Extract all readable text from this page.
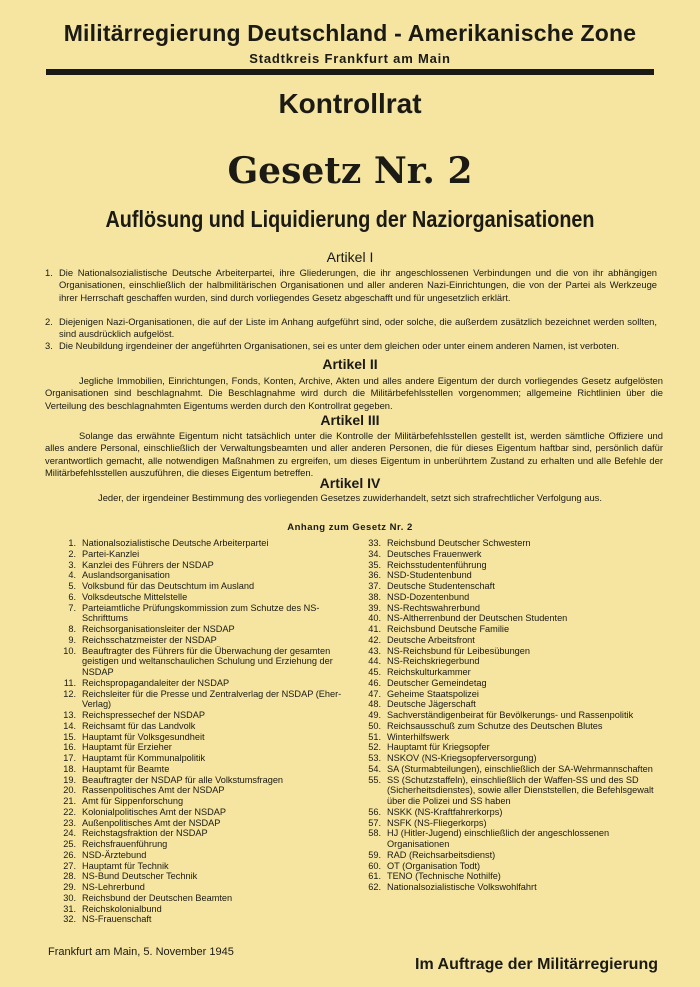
Militärregierung Deutschland - Amerikanische Zone
Stadtkreis Frankfurt am Main
Kontrollrat
Gesetz Nr. 2
Auflösung und Liquidierung der Naziorganisationen
Artikel I
1. Die Nationalsozialistische Deutsche Arbeiterpartei, ihre Gliederungen, die ihr angeschlossenen Verbindungen und die von ihr abhängigen Organisationen, einschließlich der halbmilitärischen Organisationen und aller anderen Nazi-Einrichtungen, die von der Partei als Werkzeuge ihrer Herrschaft geschaffen wurden, sind durch vorliegendes Gesetz abgeschafft und für ungesetzlich erklärt.
2. Diejenigen Nazi-Organisationen, die auf der Liste im Anhang aufgeführt sind, oder solche, die außerdem zusätzlich bezeichnet werden sollten, sind ausdrücklich aufgelöst.
3. Die Neubildung irgendeiner der angeführten Organisationen, sei es unter dem gleichen oder unter einem anderen Namen, ist verboten.
Artikel II
Jegliche Immobilien, Einrichtungen, Fonds, Konten, Archive, Akten und alles andere Eigentum der durch vorliegendes Gesetz aufgelösten Organisationen sind beschlagnahmt. Die Beschlagnahme wird durch die Militärbefehlsstellen vorgenommen; allgemeine Richtlinien über die Verteilung des beschlagnahmten Eigentums werden durch den Kontrollrat gegeben.
Artikel III
Solange das erwähnte Eigentum nicht tatsächlich unter die Kontrolle der Militärbefehlsstellen gestellt ist, werden sämtliche Offiziere und alles andere Personal, einschließlich der Verwaltungsbeamten und aller anderen Personen, die für dieses Eigentum haftbar sind, persönlich dafür verantwortlich gemacht, alle notwendigen Maßnahmen zu ergreifen, um dieses Eigentum in unberührtem Zustand zu erhalten und alle Befehle der Militärbefehlsstellen auszuführen, die dieses Eigentum betreffen.
Artikel IV
Jeder, der irgendeiner Bestimmung des vorliegenden Gesetzes zuwiderhandelt, setzt sich strafrechtlicher Verfolgung aus.
Anhang zum Gesetz Nr. 2
1. Nationalsozialistische Deutsche Arbeiterpartei
2. Partei-Kanzlei
3. Kanzlei des Führers der NSDAP
4. Auslandsorganisation
5. Volksbund für das Deutschtum im Ausland
6. Volksdeutsche Mittelstelle
7. Parteiamtliche Prüfungskommission zum Schutze des NS-Schrifttums
8. Reichsorganisationsleiter der NSDAP
9. Reichsschatzmeister der NSDAP
10. Beauftragter des Führers für die Überwachung der gesamten geistigen und weltanschaulichen Schulung und Erziehung der NSDAP
11. Reichspropagandaleiter der NSDAP
12. Reichsleiter für die Presse und Zentralverlag der NSDAP (Eher-Verlag)
13. Reichspressechef der NSDAP
14. Reichsamt für das Landvolk
15. Hauptamt für Volksgesundheit
16. Hauptamt für Erzieher
17. Hauptamt für Kommunalpolitik
18. Hauptamt für Beamte
19. Beauftragter der NSDAP für alle Volkstumsfragen
20. Rassenpolitisches Amt der NSDAP
21. Amt für Sippenforschung
22. Kolonialpolitisches Amt der NSDAP
23. Außenpolitisches Amt der NSDAP
24. Reichstagsfraktion der NSDAP
25. Reichsfrauenführung
26. NSD-Ärztebund
27. Hauptamt für Technik
28. NS-Bund Deutscher Technik
29. NS-Lehrerbund
30. Reichsbund der Deutschen Beamten
31. Reichskolonialbund
32. NS-Frauenschaft
33. Reichsbund Deutscher Schwestern
34. Deutsches Frauenwerk
35. Reichsstudentenführung
36. NSD-Studentenbund
37. Deutsche Studentenschaft
38. NSD-Dozentenbund
39. NS-Rechtswahrerbund
40. NS-Altherrenbund der Deutschen Studenten
41. Reichsbund Deutsche Familie
42. Deutsche Arbeitsfront
43. NS-Reichsbund für Leibesübungen
44. NS-Reichskriegerbund
45. Reichskulturkammer
46. Deutscher Gemeindetag
47. Geheime Staatspolizei
48. Deutsche Jägerschaft
49. Sachverständigenbeirat für Bevölkerungs- und Rassenpolitik
50. Reichsausschuß zum Schutze des Deutschen Blutes
51. Winterhilfswerk
52. Hauptamt für Kriegsopfer
53. NSKOV (NS-Kriegsopferversorgung)
54. SA (Sturmabteilungen), einschließlich der SA-Wehrmannschaften
55. SS (Schutzstaffeln), einschließlich der Waffen-SS und des SD (Sicherheitsdienstes), sowie aller Dienststellen, die Befehlsgewalt über die Polizei und SS haben
56. NSKK (NS-Kraftfahrerkorps)
57. NSFK (NS-Fliegerkorps)
58. HJ (Hitler-Jugend) einschließlich der angeschlossenen Organisationen
59. RAD (Reichsarbeitsdienst)
60. OT (Organisation Todt)
61. TENO (Technische Nothilfe)
62. Nationalsozialistische Volkswohlfahrt
Frankfurt am Main, 5. November 1945
Im Auftrage der Militärregierung
